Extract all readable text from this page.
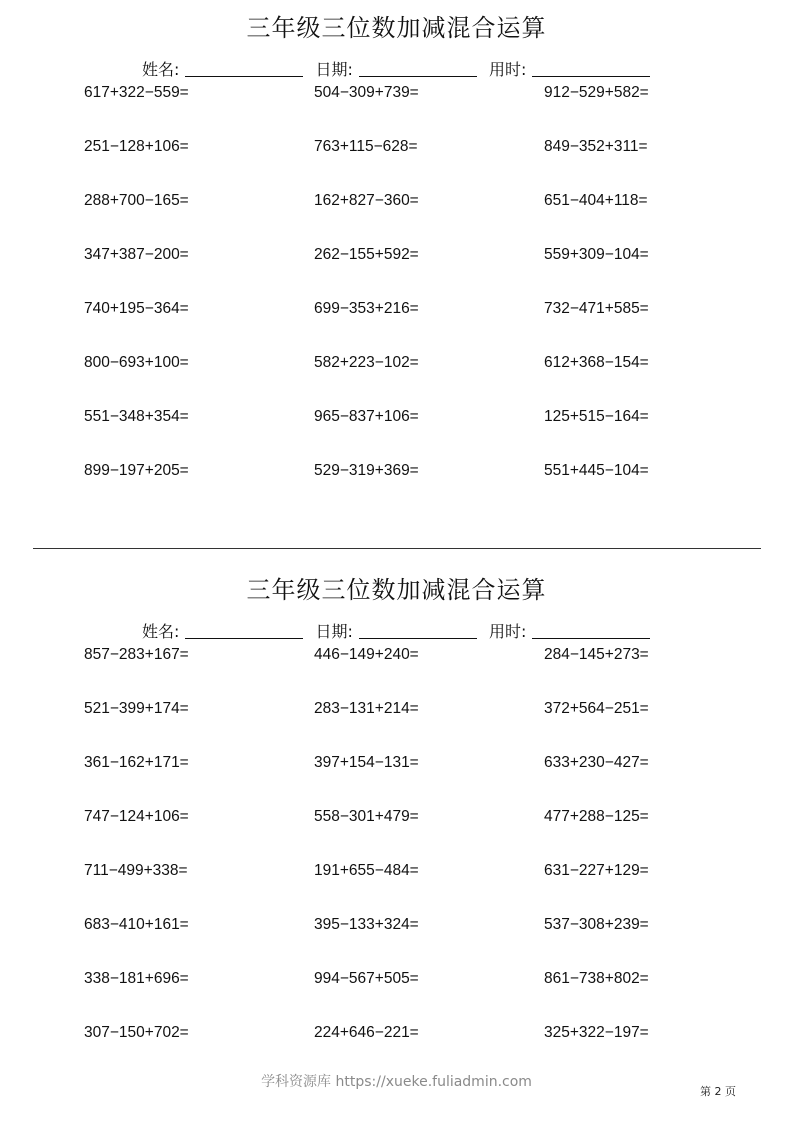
三年级三位数加减混合运算
姓名:	日期:	用时:
617+322−559=	504−309+739=	912−529+582=
251−128+106=	763+115−628=	849−352+311=
288+700−165=	162+827−360=	651−404+118=
347+387−200=	262−155+592=	559+309−104=
740+195−364=	699−353+216=	732−471+585=
800−693+100=	582+223−102=	612+368−154=
551−348+354=	965−837+106=	125+515−164=
899−197+205=	529−319+369=	551+445−104=
三年级三位数加减混合运算
姓名:	日期:	用时:
857−283+167=	446−149+240=	284−145+273=
521−399+174=	283−131+214=	372+564−251=
361−162+171=	397+154−131=	633+230−427=
747−124+106=	558−301+479=	477+288−125=
711−499+338=	191+655−484=	631−227+129=
683−410+161=	395−133+324=	537−308+239=
338−181+696=	994−567+505=	861−738+802=
307−150+702=	224+646−221=	325+322−197=
学科资源库 https://xueke.fuliadmin.com
第 2 页
